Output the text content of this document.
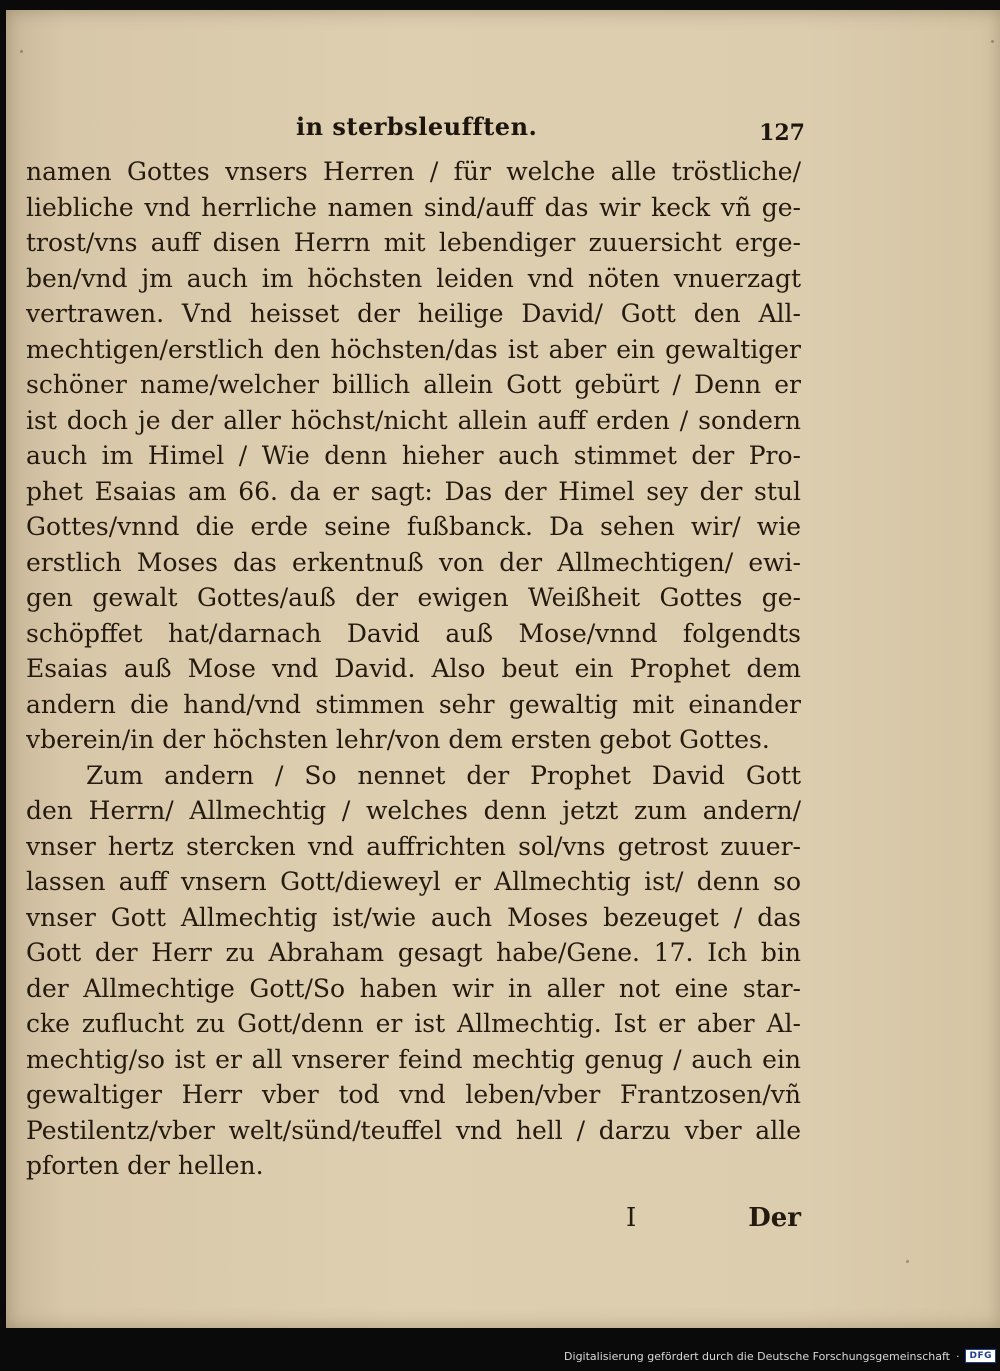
in sterbsleufften.	127
namen Gottes vnsers Herren / für welche alle tröstliche/
liebliche vnd herrliche namen sind/auff das wir keck vñ ge-
trost/vns auff disen Herrn mit lebendiger zuuersicht erge-
ben/vnd jm auch im höchsten leiden vnd nöten vnuerzagt
vertrawen. Vnd heisset der heilige David/ Gott den All-
mechtigen/erstlich den höchsten/das ist aber ein gewaltiger
schöner name/welcher billich allein Gott gebürt / Denn er
ist doch je der aller höchst/nicht allein auff erden / sondern
auch im Himel / Wie denn hieher auch stimmet der Pro-
phet Esaias am 66. da er sagt: Das der Himel sey der stul
Gottes/vnnd die erde seine fußbanck. Da sehen wir/ wie
erstlich Moses das erkentnuß von der Allmechtigen/ ewi-
gen gewalt Gottes/auß der ewigen Weißheit Gottes ge-
schöpffet hat/darnach David auß Mose/vnnd folgendts
Esaias auß Mose vnd David. Also beut ein Prophet dem
andern die hand/vnd stimmen sehr gewaltig mit einander
vberein/in der höchsten lehr/von dem ersten gebot Gottes.
Zum andern / So nennet der Prophet David Gott
den Herrn/ Allmechtig / welches denn jetzt zum andern/
vnser hertz stercken vnd auffrichten sol/vns getrost zuuer-
lassen auff vnsern Gott/dieweyl er Allmechtig ist/ denn so
vnser Gott Allmechtig ist/wie auch Moses bezeuget / das
Gott der Herr zu Abraham gesagt habe/Gene. 17. Ich bin
der Allmechtige Gott/So haben wir in aller not eine star-
cke zuflucht zu Gott/denn er ist Allmechtig. Ist er aber Al-
mechtig/so ist er all vnserer feind mechtig genug / auch ein
gewaltiger Herr vber tod vnd leben/vber Frantzosen/vñ
Pestilentz/vber welt/sünd/teuffel vnd hell / darzu vber alle
pforten der hellen.
I	Der
Digitalisierung gefördert durch die Deutsche Forschungsgemeinschaft ·	DFG
